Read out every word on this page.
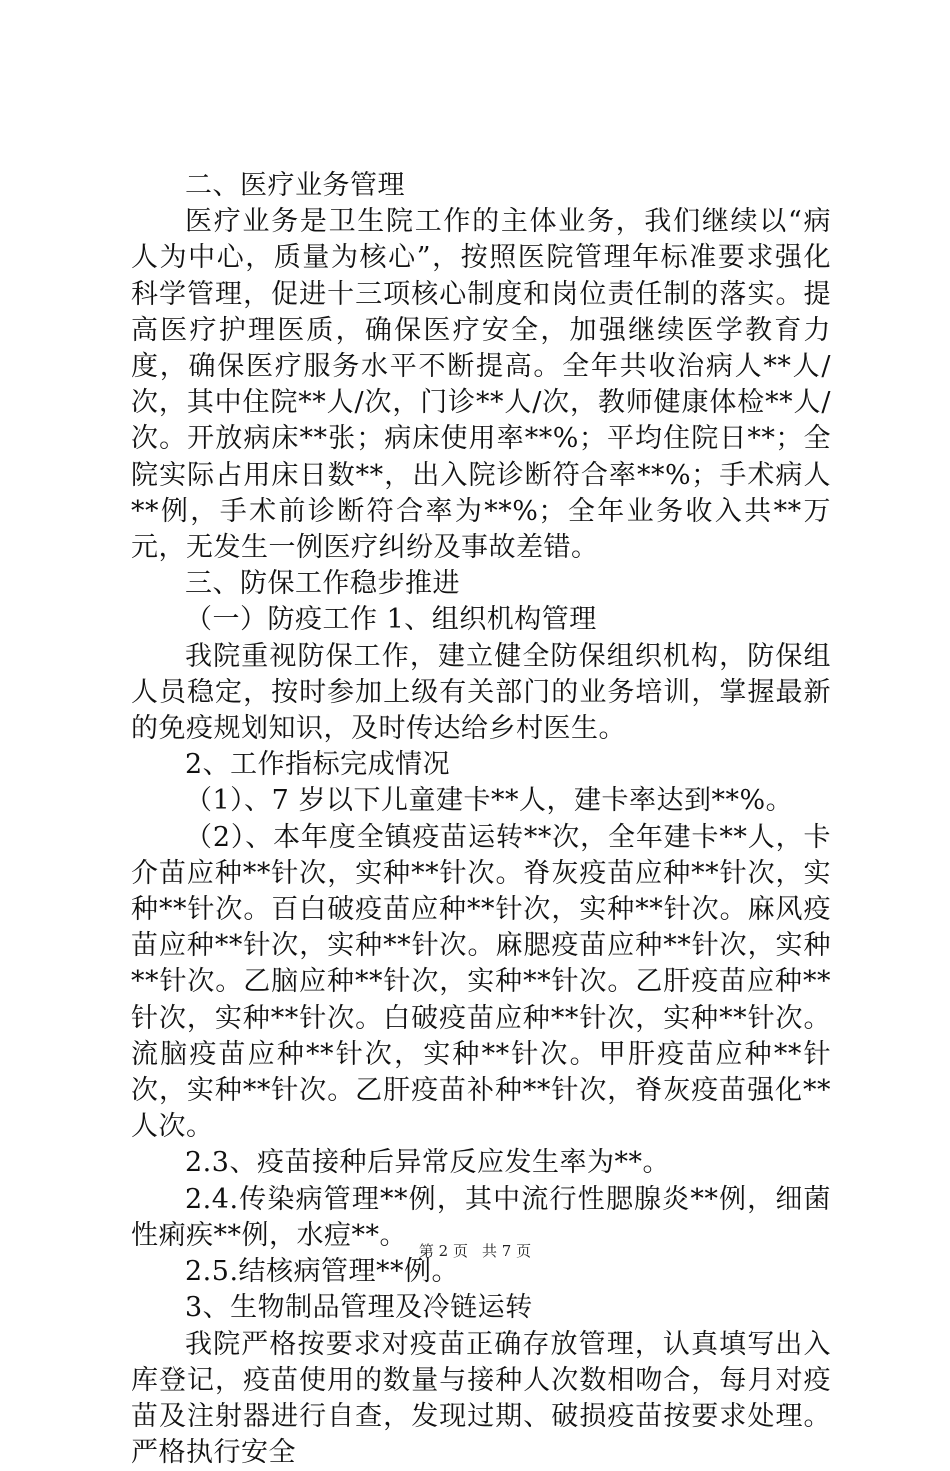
二、医疗业务管理

医疗业务是卫生院工作的主体业务，我们继续以“病人为中心，质量为核心”，按照医院管理年标准要求强化科学管理，促进十三项核心制度和岗位责任制的落实。提高医疗护理医质，确保医疗安全，加强继续医学教育力度，确保医疗服务水平不断提高。全年共收治病人**人/次，其中住院**人/次，门诊**人/次，教师健康体检**人/次。开放病床**张；病床使用率**%；平均住院日**；全院实际占用床日数**，出入院诊断符合率**%；手术病人**例，手术前诊断符合率为**%；全年业务收入共**万元，无发生一例医疗纠纷及事故差错。

三、防保工作稳步推进

（一）防疫工作 1、组织机构管理

我院重视防保工作，建立健全防保组织机构，防保组人员稳定，按时参加上级有关部门的业务培训，掌握最新的免疫规划知识，及时传达给乡村医生。

2、工作指标完成情况

（1）、7 岁以下儿童建卡**人，建卡率达到**%。

（2）、本年度全镇疫苗运转**次，全年建卡**人，卡介苗应种**针次，实种**针次。脊灰疫苗应种**针次，实种**针次。百白破疫苗应种**针次，实种**针次。麻风疫苗应种**针次，实种**针次。麻腮疫苗应种**针次，实种**针次。乙脑应种**针次，实种**针次。乙肝疫苗应种**针次，实种**针次。白破疫苗应种**针次，实种**针次。流脑疫苗应种**针次，实种**针次。甲肝疫苗应种**针次，实种**针次。乙肝疫苗补种**针次，脊灰疫苗强化**人次。

2.3、疫苗接种后异常反应发生率为**。

2.4.传染病管理**例，其中流行性腮腺炎**例，细菌性痢疾**例，水痘**。

2.5.结核病管理**例。

3、生物制品管理及冷链运转

我院严格按要求对疫苗正确存放管理，认真填写出入库登记，疫苗使用的数量与接种人次数相吻合，每月对疫苗及注射器进行自查，发现过期、破损疫苗按要求处理。严格执行安全

第 2 页 共 7 页
